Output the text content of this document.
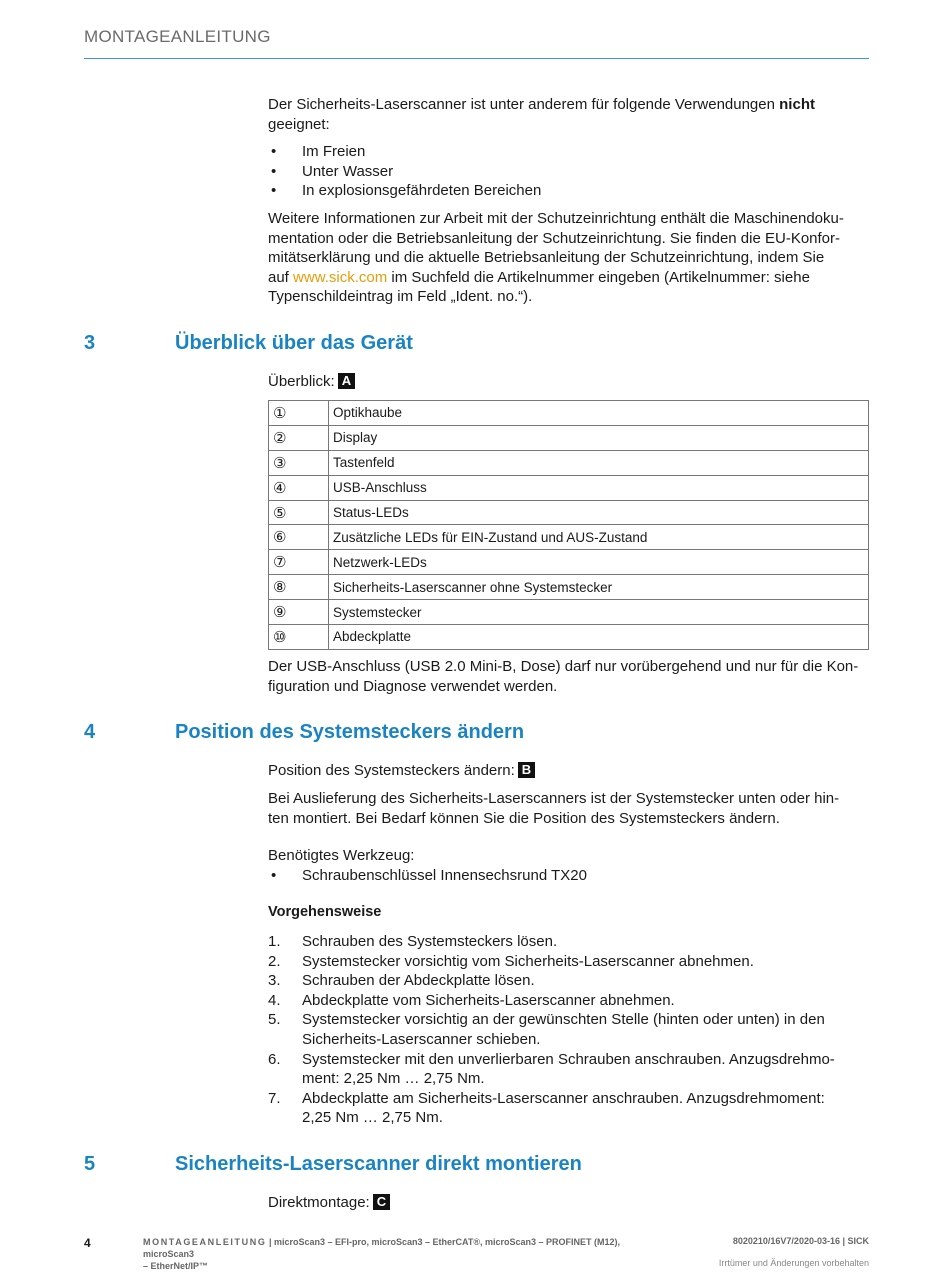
MONTAGEANLEITUNG

Der Sicherheits-Laserscanner ist unter anderem für folgende Verwendungen nicht
geeignet:

• Im Freien
• Unter Wasser
• In explosionsgefährdeten Bereichen

Weitere Informationen zur Arbeit mit der Schutzeinrichtung enthält die Maschinendoku-
mentation oder die Betriebsanleitung der Schutzeinrichtung. Sie finden die EU-Konfor-
mitätserklärung und die aktuelle Betriebsanleitung der Schutzeinrichtung, indem Sie
auf www.sick.com im Suchfeld die Artikelnummer eingeben (Artikelnummer: siehe
Typenschildeintrag im Feld „Ident. no.“).

3	Überblick über das Gerät
Überblick: A
①	Optikhaube
②	Display
③	Tastenfeld
④	USB-Anschluss
⑤	Status-LEDs
⑥	Zusätzliche LEDs für EIN-Zustand und AUS-Zustand
⑦	Netzwerk-LEDs
⑧	Sicherheits-Laserscanner ohne Systemstecker
⑨	Systemstecker
⑩	Abdeckplatte

Der USB-Anschluss (USB 2.0 Mini-B, Dose) darf nur vorübergehend und nur für die Kon-
figuration und Diagnose verwendet werden.

4	Position des Systemsteckers ändern
Position des Systemsteckers ändern: B

Bei Auslieferung des Sicherheits-Laserscanners ist der Systemstecker unten oder hin-
ten montiert. Bei Bedarf können Sie die Position des Systemsteckers ändern.

Benötigtes Werkzeug:
• Schraubenschlüssel Innensechsrund TX20
Vorgehensweise
1. Schrauben des Systemsteckers lösen.
2. Systemstecker vorsichtig vom Sicherheits-Laserscanner abnehmen.
3. Schrauben der Abdeckplatte lösen.
4. Abdeckplatte vom Sicherheits-Laserscanner abnehmen.
5. Systemstecker vorsichtig an der gewünschten Stelle (hinten oder unten) in den
Sicherheits-Laserscanner schieben.
6. Systemstecker mit den unverlierbaren Schrauben anschrauben. Anzugsdrehmo-
ment: 2,25 Nm … 2,75 Nm.
7. Abdeckplatte am Sicherheits-Laserscanner anschrauben. Anzugsdrehmoment:
2,25 Nm … 2,75 Nm.
5	Sicherheits-Laserscanner direkt montieren
Direktmontage: C
4	MONTAGEANLEITUNG | microScan3 – EFI-pro, microScan3 – EtherCAT®, microScan3 – PROFINET (M12), microScan3
– EtherNet/IP™
8020210/16V7/2020-03-16 | SICK
Irrtümer und Änderungen vorbehalten
